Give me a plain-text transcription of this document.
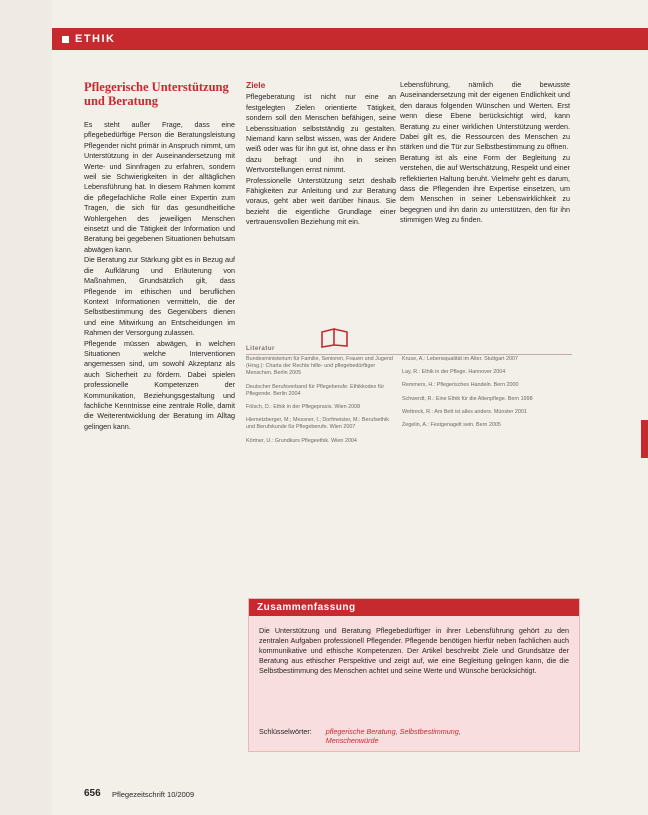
ETHIK
Pflegerische Unterstützung und Beratung

Es steht außer Frage, dass eine pflegebedürftige Person die Beratungsleistung Pflegender nicht primär in Anspruch nimmt, um Unterstützung in der Auseinandersetzung mit Werte- und Sinnfragen zu erfahren, sondern weil sie Schwierigkeiten in der alltäglichen Lebensführung hat. In diesem Rahmen kommt die pflegefachliche Rolle einer Expertin zum Tragen, die sich für das gesundheitliche Wohlergehen des jeweiligen Menschen einsetzt und die Tätigkeit der Information und Beratung bei gegebenen Situationen behutsam abwägen kann.

Die Beratung zur Stärkung gibt es in Bezug auf die Aufklärung und Erläuterung von Maßnahmen, Grundsätzlich gilt, dass Pflegende im ethischen und beruflichen Kontext Informationen vermitteln, die der Selbstbestimmung des Gegenübers dienen und eine Mitwirkung an Entscheidungen im Rahmen der Versorgung zulassen.

Pflegende müssen abwägen, in welchen Situationen welche Interventionen angemessen sind, um sowohl Akzeptanz als auch Sicherheit zu fördern. Dabei spielen professionelle Kompetenzen der Kommunikation, Beziehungsgestaltung und fachliche Kenntnisse eine zentrale Rolle, damit die Weiterentwicklung der Beratung im Alltag gelingen kann.

Ziele

Pflegeberatung ist nicht nur eine an festgelegten Zielen orientierte Tätigkeit, sondern soll den Menschen befähigen, seine Lebenssituation selbstständig zu gestalten. Niemand kann selbst wissen, was der Andere weiß oder was für ihn gut ist, ohne dass er ihn dazu befragt und ihn in seinen Wertvorstellungen ernst nimmt.

Professionelle Unterstützung setzt deshalb Fähigkeiten zur Anleitung und zur Beratung voraus, geht aber weit darüber hinaus. Sie bezieht die eigentliche Grundlage einer vertrauensvollen Beziehung mit ein.

Lebensführung, nämlich die bewusste Auseinandersetzung mit der eigenen Endlichkeit und den daraus folgenden Wünschen und Werten. Erst wenn diese Ebene berücksichtigt wird, kann Beratung zu einer wirklichen Unterstützung werden. Dabei gilt es, die Ressourcen des Menschen zu stärken und die Tür zur Selbstbestimmung zu öffnen.

Beratung ist als eine Form der Begleitung zu verstehen, die auf Wertschätzung, Respekt und einer reflektierten Haltung beruht. Vielmehr geht es darum, dass die Pflegenden ihre Expertise einsetzen, um dem Menschen in seiner Lebenswirklichkeit zu begegnen und ihn darin zu unterstützen, den für ihn stimmigen Weg zu finden.

Literatur
Bundesministerium für Familie, Senioren, Frauen und Jugend (Hrsg.): Charta der Rechte hilfe- und pflegebedürftiger Menschen. Berlin 2005
Deutscher Berufsverband für Pflegeberufe: Ethikkodex für Pflegende. Berlin 2004
Fölsch, D.: Ethik in der Pflegepraxis. Wien 2008
Hiemetzberger, M.; Messner, I.; Dorfmeister, M.: Berufsethik und Berufskunde für Pflegeberufe. Wien 2007
Körtner, U.: Grundkurs Pflegeethik. Wien 2004
Kruse, A.: Lebensqualität im Alter. Stuttgart 2007
Lay, R.: Ethik in der Pflege. Hannover 2004
Remmers, H.: Pflegerisches Handeln. Bern 2000
Schwerdt, R.: Eine Ethik für die Altenpflege. Bern 1998
Wettreck, R.: Am Bett ist alles anders. Münster 2001
Zegelin, A.: Festgenagelt sein. Bern 2005
Zusammenfassung
Die Unterstützung und Beratung Pflegebedürftiger in ihrer Lebensführung gehört zu den zentralen Aufgaben professionell Pflegender. Pflegende benötigen hierfür neben fachlichen auch kommunikative und ethische Kompetenzen. Der Artikel beschreibt Ziele und Grundsätze der Beratung aus ethischer Perspektive und zeigt auf, wie eine Begleitung gelingen kann, die die Selbstbestimmung des Menschen achtet und seine Werte und Wünsche berücksichtigt.
Schlüsselwörter: pflegerische Beratung, Selbstbestimmung, Menschenwürde
656 Pflegezeitschrift 10/2009
